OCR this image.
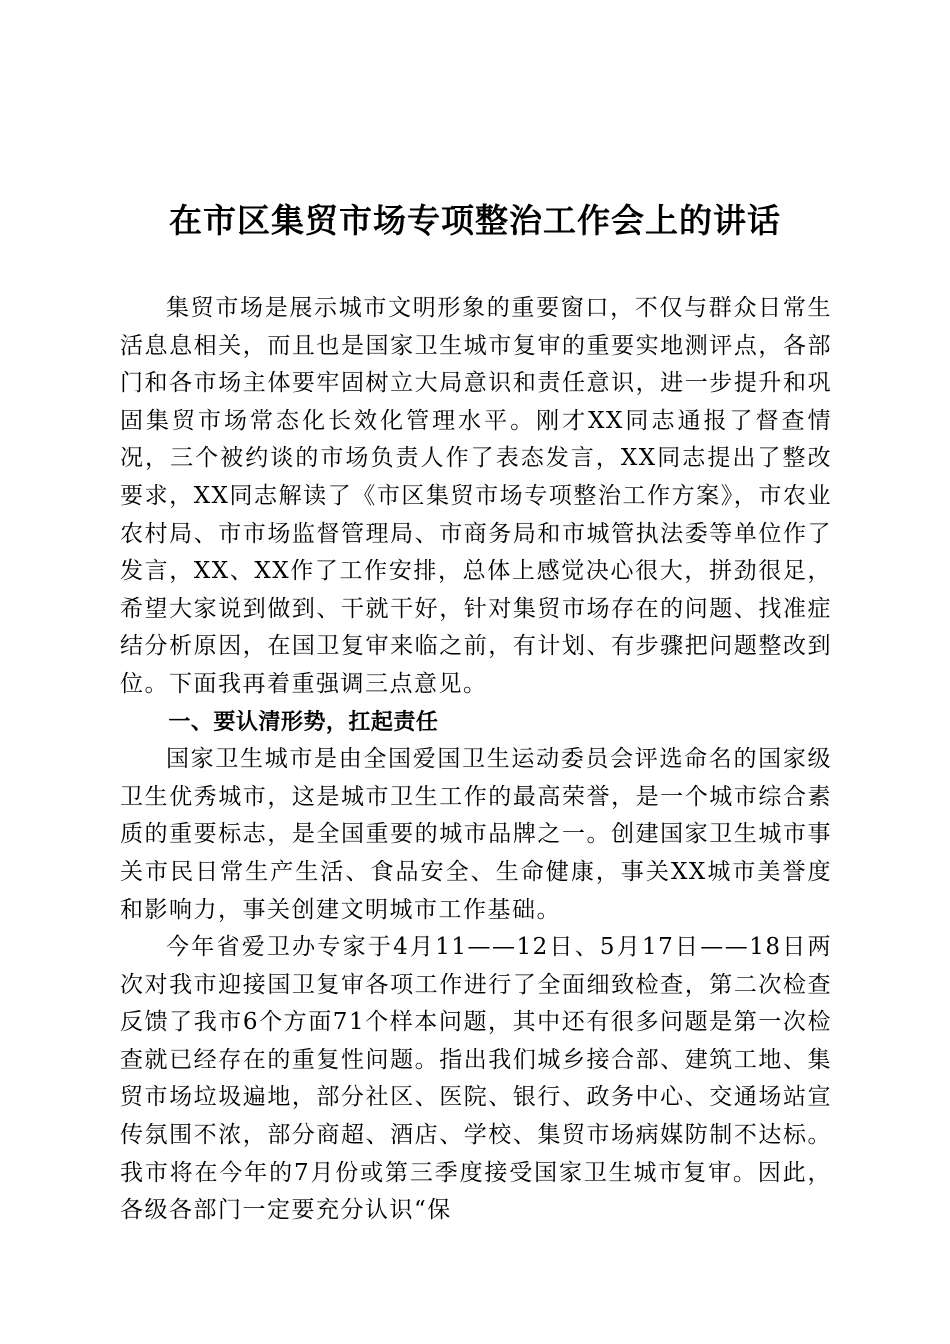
在市区集贸市场专项整治工作会上的讲话

集贸市场是展示城市文明形象的重要窗口，不仅与群众日常生活息息相关，而且也是国家卫生城市复审的重要实地测评点，各部门和各市场主体要牢固树立大局意识和责任意识，进一步提升和巩固集贸市场常态化长效化管理水平。刚才XX同志通报了督查情况，三个被约谈的市场负责人作了表态发言，XX同志提出了整改要求，XX同志解读了《市区集贸市场专项整治工作方案》，市农业农村局、市市场监督管理局、市商务局和市城管执法委等单位作了发言，XX、XX作了工作安排，总体上感觉决心很大，拼劲很足，希望大家说到做到、干就干好，针对集贸市场存在的问题、找准症结分析原因，在国卫复审来临之前，有计划、有步骤把问题整改到位。下面我再着重强调三点意见。

一、要认清形势，扛起责任

国家卫生城市是由全国爱国卫生运动委员会评选命名的国家级卫生优秀城市，这是城市卫生工作的最高荣誉，是一个城市综合素质的重要标志，是全国重要的城市品牌之一。创建国家卫生城市事关市民日常生产生活、食品安全、生命健康，事关XX城市美誉度和影响力，事关创建文明城市工作基础。

今年省爱卫办专家于4月11——12日、5月17日——18日两次对我市迎接国卫复审各项工作进行了全面细致检查，第二次检查反馈了我市6个方面71个样本问题，其中还有很多问题是第一次检查就已经存在的重复性问题。指出我们城乡接合部、建筑工地、集贸市场垃圾遍地，部分社区、医院、银行、政务中心、交通场站宣传氛围不浓，部分商超、酒店、学校、集贸市场病媒防制不达标。我市将在今年的7月份或第三季度接受国家卫生城市复审。因此，各级各部门一定要充分认识“保
